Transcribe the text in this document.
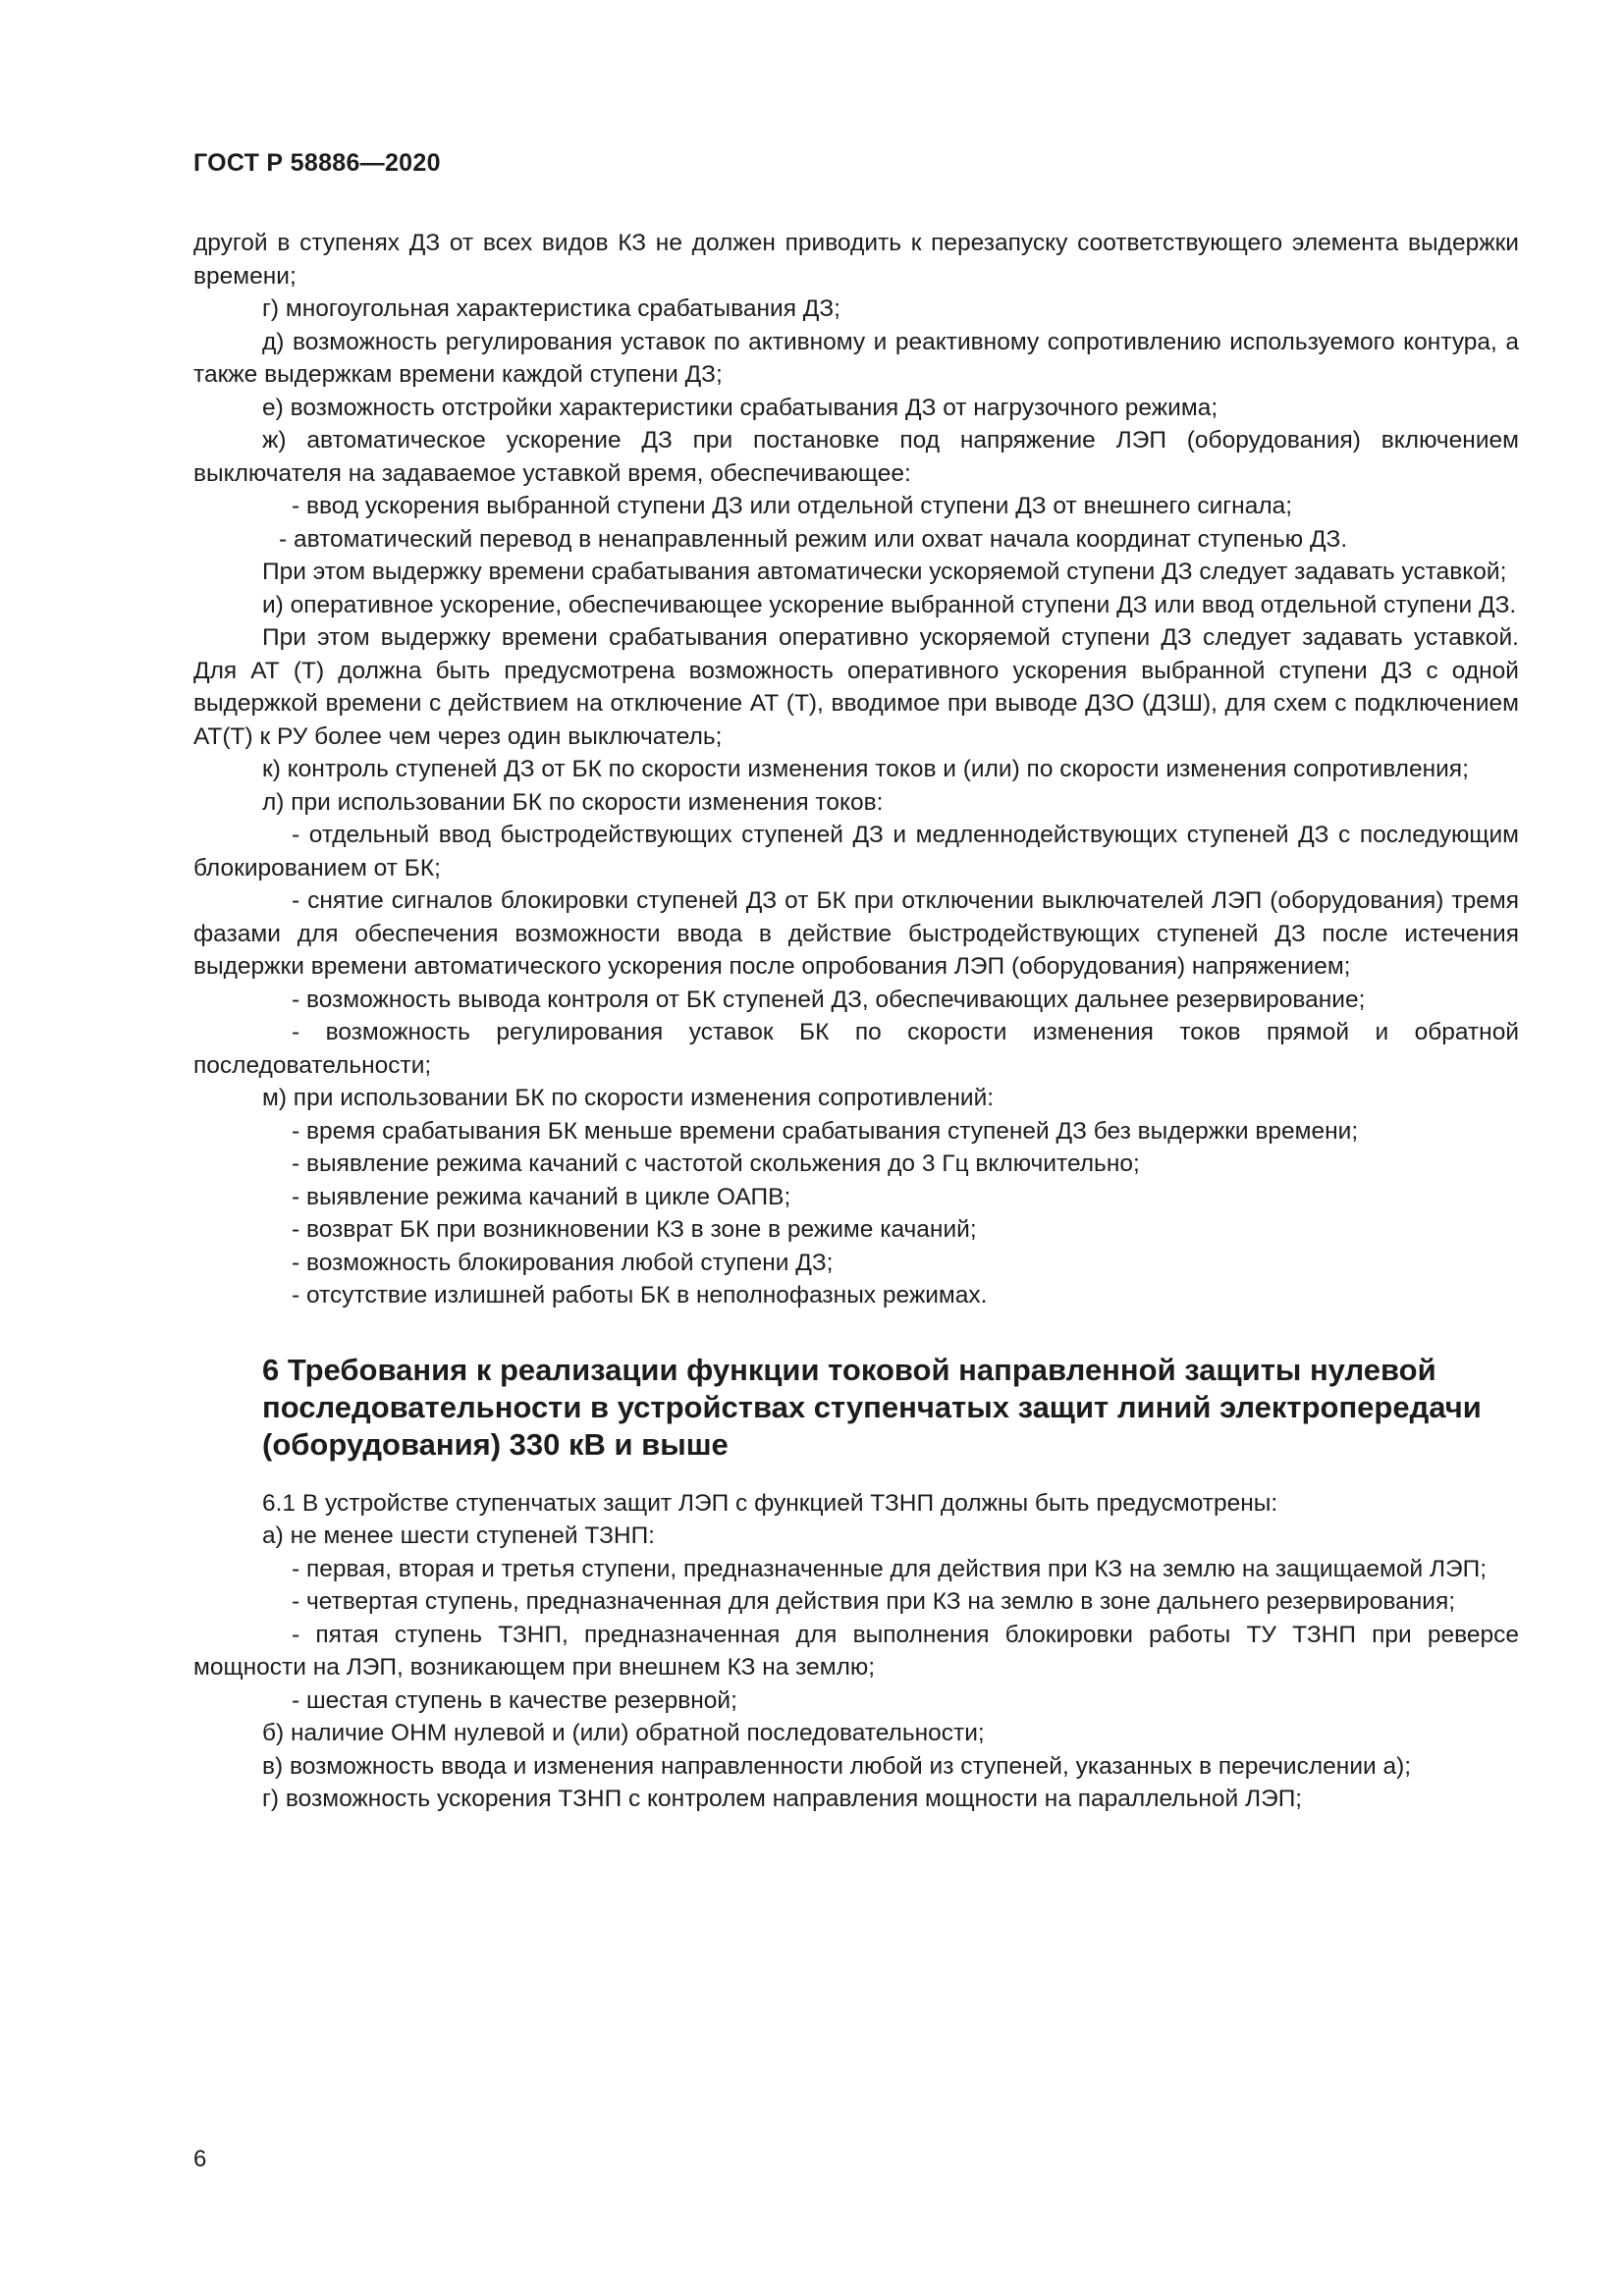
ГОСТ Р 58886—2020

другой в ступенях ДЗ от всех видов КЗ не должен приводить к перезапуску соответствующего элемента выдержки времени;

г) многоугольная характеристика срабатывания ДЗ;

д) возможность регулирования уставок по активному и реактивному сопротивлению используемого контура, а также выдержкам времени каждой ступени ДЗ;

е) возможность отстройки характеристики срабатывания ДЗ от нагрузочного режима;

ж) автоматическое ускорение ДЗ при постановке под напряжение ЛЭП (оборудования) включением выключателя на задаваемое уставкой время, обеспечивающее:

- ввод ускорения выбранной ступени ДЗ или отдельной ступени ДЗ от внешнего сигнала;

- автоматический перевод в ненаправленный режим или охват начала координат ступенью ДЗ.

При этом выдержку времени срабатывания автоматически ускоряемой ступени ДЗ следует задавать уставкой;

и) оперативное ускорение, обеспечивающее ускорение выбранной ступени ДЗ или ввод отдельной ступени ДЗ.

При этом выдержку времени срабатывания оперативно ускоряемой ступени ДЗ следует задавать уставкой. Для АТ (Т) должна быть предусмотрена возможность оперативного ускорения выбранной ступени ДЗ с одной выдержкой времени с действием на отключение АТ (Т), вводимое при выводе ДЗО (ДЗШ), для схем с подключением АТ(Т) к РУ более чем через один выключатель;

к) контроль ступеней ДЗ от БК по скорости изменения токов и (или) по скорости изменения сопротивления;

л) при использовании БК по скорости изменения токов:

- отдельный ввод быстродействующих ступеней ДЗ и медленнодействующих ступеней ДЗ с последующим блокированием от БК;

- снятие сигналов блокировки ступеней ДЗ от БК при отключении выключателей ЛЭП (оборудования) тремя фазами для обеспечения возможности ввода в действие быстродействующих ступеней ДЗ после истечения выдержки времени автоматического ускорения после опробования ЛЭП (оборудования) напряжением;

- возможность вывода контроля от БК ступеней ДЗ, обеспечивающих дальнее резервирование;

- возможность регулирования уставок БК по скорости изменения токов прямой и обратной последовательности;

м) при использовании БК по скорости изменения сопротивлений:

- время срабатывания БК меньше времени срабатывания ступеней ДЗ без выдержки времени;

- выявление режима качаний с частотой скольжения до 3 Гц включительно;

- выявление режима качаний в цикле ОАПВ;

- возврат БК при возникновении КЗ в зоне в режиме качаний;

- возможность блокирования любой ступени ДЗ;

- отсутствие излишней работы БК в неполнофазных режимах.

6 Требования к реализации функции токовой направленной защиты нулевой последовательности в устройствах ступенчатых защит линий электропередачи (оборудования) 330 кВ и выше

6.1 В устройстве ступенчатых защит ЛЭП с функцией ТЗНП должны быть предусмотрены:

а) не менее шести ступеней ТЗНП:

- первая, вторая и третья ступени, предназначенные для действия при КЗ на землю на защищаемой ЛЭП;

- четвертая ступень, предназначенная для действия при КЗ на землю в зоне дальнего резервирования;

- пятая ступень ТЗНП, предназначенная для выполнения блокировки работы ТУ ТЗНП при реверсе мощности на ЛЭП, возникающем при внешнем КЗ на землю;

- шестая ступень в качестве резервной;

б) наличие ОНМ нулевой и (или) обратной последовательности;

в) возможность ввода и изменения направленности любой из ступеней, указанных в перечислении а);

г) возможность ускорения ТЗНП с контролем направления мощности на параллельной ЛЭП;

6
